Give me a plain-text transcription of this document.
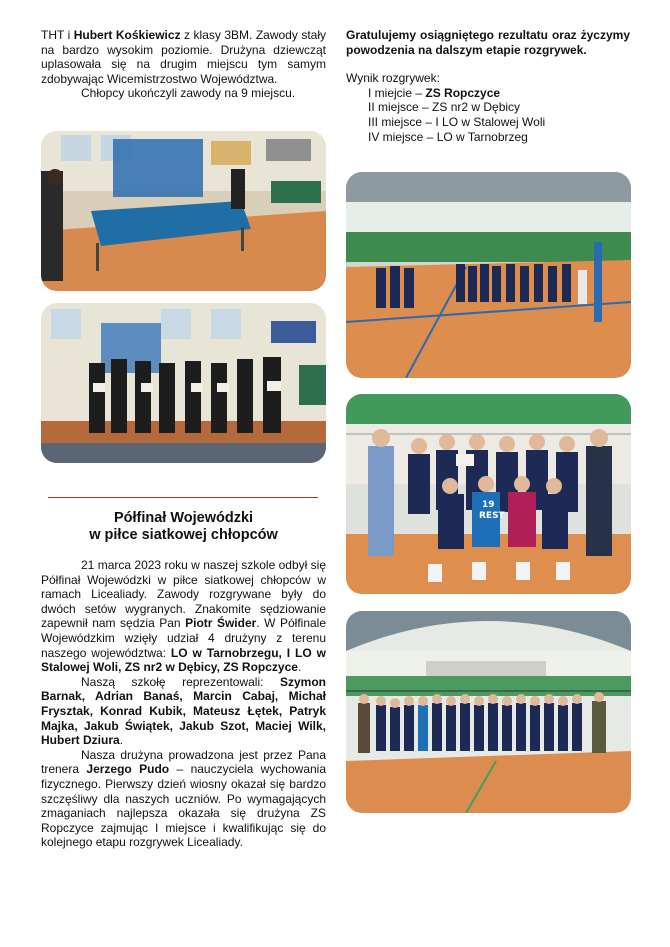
THT i Hubert Kośkiewicz z klasy 3BM. Zawody stały na bardzo wysokim poziomie. Drużyna dziewcząt uplasowała się na drugim miejscu tym samym zdobywając Wicemistrzostwo Województwa.

Chłopcy ukończyli zawody na 9 miejscu.

Półfinał Wojewódzki
w piłce siatkowej chłopców

21 marca 2023 roku w naszej szkole odbył się Półfinał Wojewódzki w piłce siatkowej chłopców w ramach Licealiady. Zawody rozgrywane były do dwóch setów wygranych. Znakomite sędziowanie zapewnił nam sędzia Pan Piotr Świder. W Półfinale Wojewódzkim wzięły udział 4 drużyny z terenu naszego województwa: LO w Tarnobrzegu, I LO w Stalowej Woli, ZS nr2 w Dębicy, ZS Ropczyce.

Naszą szkołę reprezentowali: Szymon Barnak, Adrian Banaś, Marcin Cabaj, Michał Frysztak, Konrad Kubik, Mateusz Łętek, Patryk Majka, Jakub Świątek, Jakub Szot, Maciej Wilk, Hubert Dziura.

Nasza drużyna prowadzona jest przez Pana trenera Jerzego Pudo – nauczyciela wychowania fizycznego. Pierwszy dzień wiosny okazał się bardzo szczęśliwy dla naszych uczniów. Po wymagających zmaganiach najlepsza okazała się drużyna ZS Ropczyce zajmując I miejsce i kwalifikując się do kolejnego etapu rozgrywek Licealiady.

Gratulujemy osiągniętego rezultatu oraz życzymy powodzenia na dalszym etapie rozgrywek.

Wynik rozgrywek:
I miejcie – ZS Ropczyce
II miejsce – ZS nr2 w Dębicy
III miejsce – I LO w Stalowej Woli
IV miejsce – LO w Tarnobrzeg
REST
19
